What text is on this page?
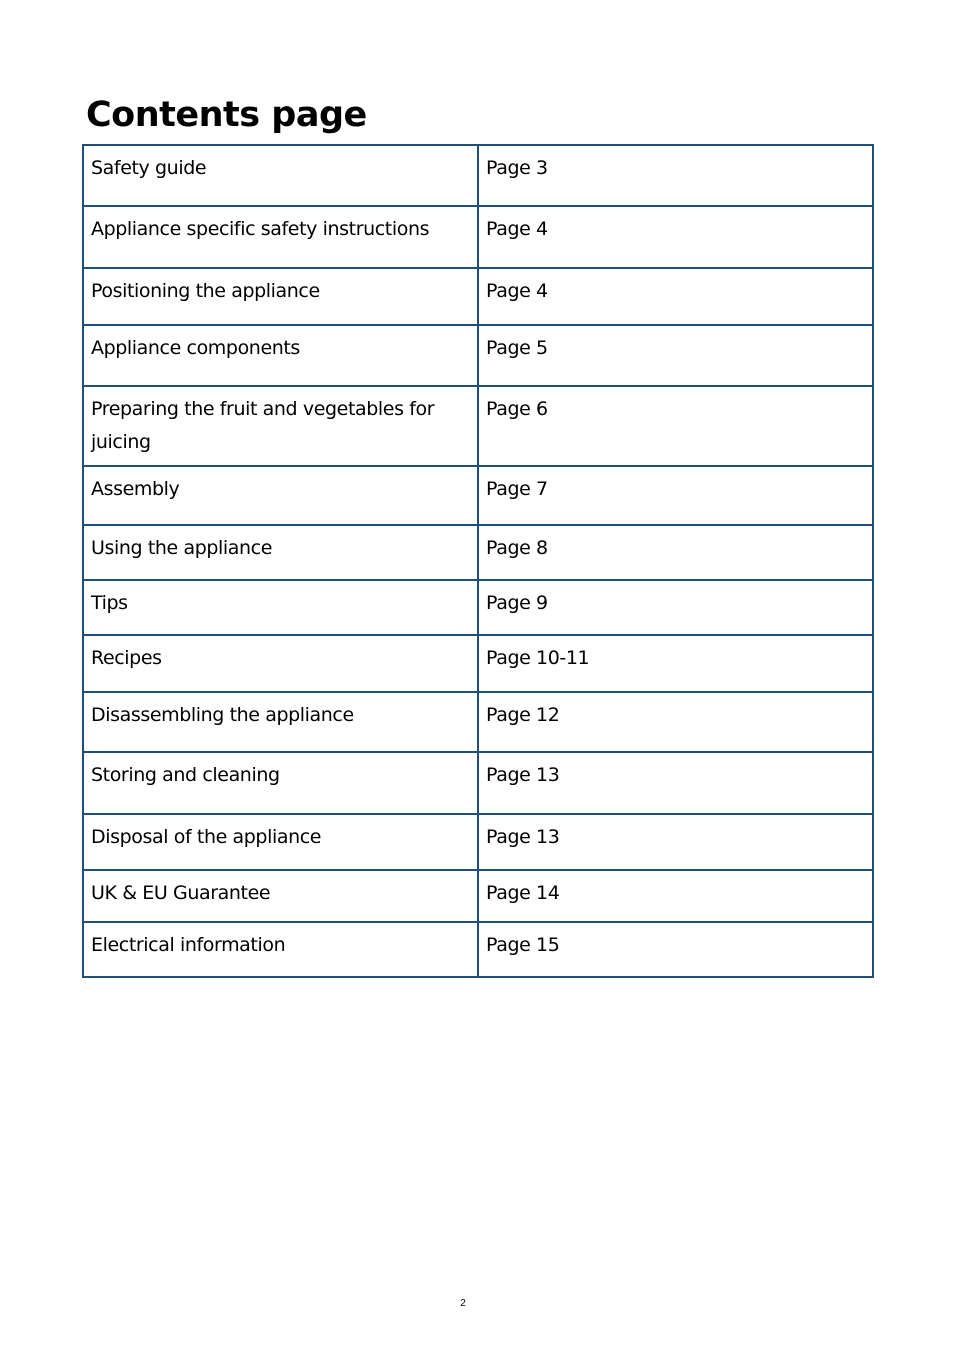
Contents page
Safety guide	Page 3

Appliance specific safety instructions	Page 4

Positioning the appliance	Page 4

Appliance components	Page 5

Preparing the fruit and vegetables for juicing	Page 6

Assembly	Page 7

Using the appliance	Page 8

Tips	Page 9

Recipes	Page 10-11

Disassembling the appliance	Page 12

Storing and cleaning	Page 13

Disposal of the appliance	Page 13

UK & EU Guarantee	Page 14

Electrical information	Page 15
2
